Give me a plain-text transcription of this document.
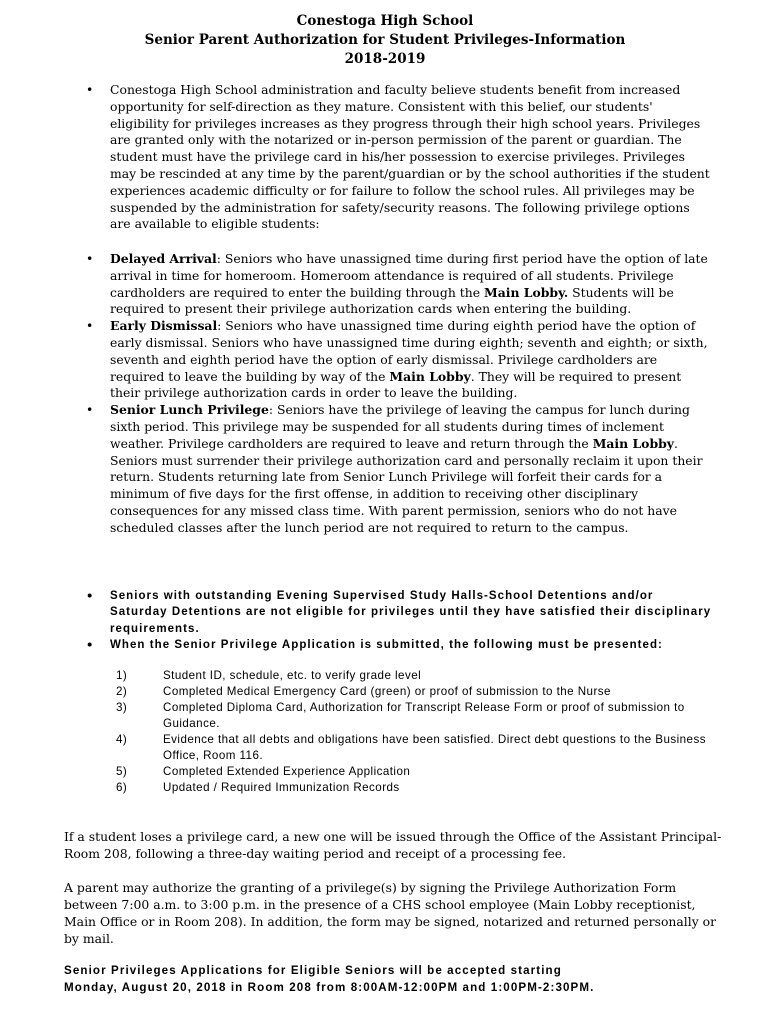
Conestoga High School
Senior Parent Authorization for Student Privileges-Information
2018-2019
• Conestoga High School administration and faculty believe students benefit from increased opportunity for self-direction as they mature. Consistent with this belief, our students' eligibility for privileges increases as they progress through their high school years. Privileges are granted only with the notarized or in-person permission of the parent or guardian. The student must have the privilege card in his/her possession to exercise privileges. Privileges may be rescinded at any time by the parent/guardian or by the school authorities if the student experiences academic difficulty or for failure to follow the school rules. All privileges may be suspended by the administration for safety/security reasons. The following privilege options are available to eligible students:
• Delayed Arrival: Seniors who have unassigned time during first period have the option of late arrival in time for homeroom. Homeroom attendance is required of all students. Privilege cardholders are required to enter the building through the Main Lobby. Students will be required to present their privilege authorization cards when entering the building.
• Early Dismissal: Seniors who have unassigned time during eighth period have the option of early dismissal. Seniors who have unassigned time during eighth; seventh and eighth; or sixth, seventh and eighth period have the option of early dismissal. Privilege cardholders are required to leave the building by way of the Main Lobby. They will be required to present their privilege authorization cards in order to leave the building.
• Senior Lunch Privilege: Seniors have the privilege of leaving the campus for lunch during sixth period. This privilege may be suspended for all students during times of inclement weather. Privilege cardholders are required to leave and return through the Main Lobby. Seniors must surrender their privilege authorization card and personally reclaim it upon their return. Students returning late from Senior Lunch Privilege will forfeit their cards for a minimum of five days for the first offense, in addition to receiving other disciplinary consequences for any missed class time. With parent permission, seniors who do not have scheduled classes after the lunch period are not required to return to the campus.
• Seniors with outstanding Evening Supervised Study Halls-School Detentions and/or Saturday Detentions are not eligible for privileges until they have satisfied their disciplinary requirements.
• When the Senior Privilege Application is submitted, the following must be presented:
1)	Student ID, schedule, etc. to verify grade level
2)	Completed Medical Emergency Card (green) or proof of submission to the Nurse
3)	Completed Diploma Card, Authorization for Transcript Release Form or proof of submission to Guidance.
4)	Evidence that all debts and obligations have been satisfied. Direct debt questions to the Business Office, Room 116.
5)	Completed Extended Experience Application
6)	Updated / Required Immunization Records
If a student loses a privilege card, a new one will be issued through the Office of the Assistant Principal-Room 208, following a three-day waiting period and receipt of a processing fee.
A parent may authorize the granting of a privilege(s) by signing the Privilege Authorization Form between 7:00 a.m. to 3:00 p.m. in the presence of a CHS school employee (Main Lobby receptionist, Main Office or in Room 208). In addition, the form may be signed, notarized and returned personally or by mail.
Senior Privileges Applications for Eligible Seniors will be accepted starting
Monday, August 20, 2018 in Room 208 from 8:00AM-12:00PM and 1:00PM-2:30PM.
